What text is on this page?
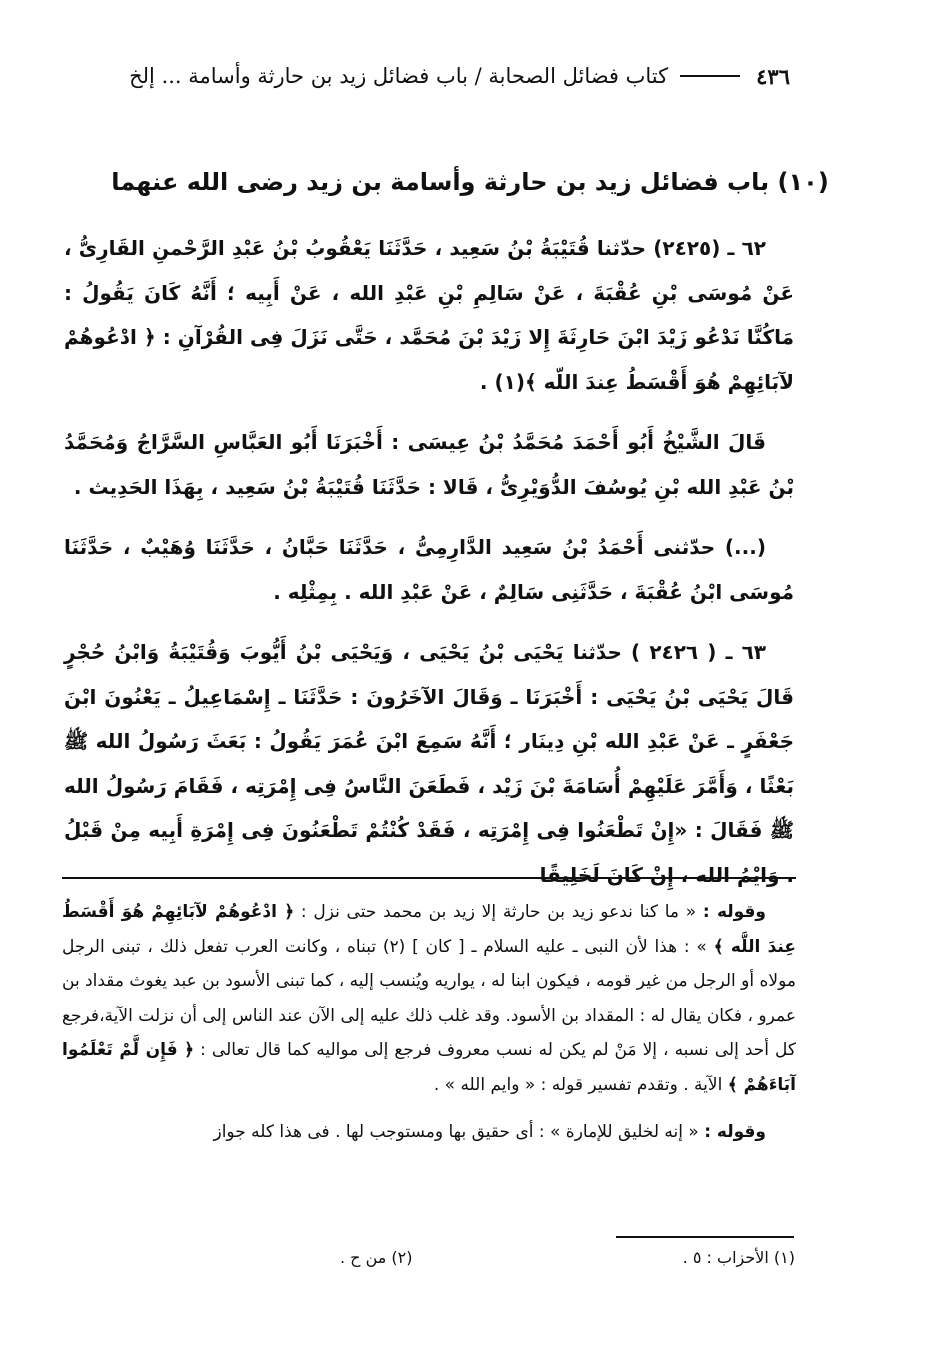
٤٣٦
كتاب فضائل الصحابة / باب فضائل زيد بن حارثة وأسامة ... إلخ
(١٠) باب فضائل زيد بن حارثة وأسامة بن زيد رضى الله عنهما

٦٢ ـ (٢٤٢٥) حدّثنا قُتَيْبَةُ بْنُ سَعِيد ، حَدَّثَنَا يَعْقُوبُ بْنُ عَبْدِ الرَّحْمنِ القَارِىُّ ، عَنْ مُوسَى بْنِ عُقْبَةَ ، عَنْ سَالِمِ بْنِ عَبْدِ الله ، عَنْ أَبِيه ؛ أَنَّهُ كَانَ يَقُولُ : مَاكُنَّا نَدْعُو زَيْدَ ابْنَ حَارِثَةَ إِلا زَيْدَ بْنَ مُحَمَّد ، حَتَّى نَزَلَ فِى القُرْآنِ : ﴿ ادْعُوهُمْ لآبَائِهِمْ هُوَ أَقْسَطُ عِندَ اللّه ﴾(١) .

قَالَ الشَّيْخُ أَبُو أَحْمَدَ مُحَمَّدُ بْنُ عِيسَى : أَخْبَرَنَا أَبُو العَبَّاسِ السَّرَّاجُ وَمُحَمَّدُ بْنُ عَبْدِ الله بْنِ يُوسُفَ الدُّوَيْرِىُّ ، قَالا : حَدَّثَنَا قُتَيْبَةُ بْنُ سَعِيد ، بِهَذَا الحَدِيث .

(...) حدّثنى أَحْمَدُ بْنُ سَعِيد الدَّارِمِىُّ ، حَدَّثَنَا حَبَّانُ ، حَدَّثَنَا وُهَيْبٌ ، حَدَّثَنَا مُوسَى ابْنُ عُقْبَةَ ، حَدَّثَنِى سَالِمٌ ، عَنْ عَبْدِ الله . بِمِثْلِه .

٦٣ ـ ( ٢٤٢٦ ) حدّثنا يَحْيَى بْنُ يَحْيَى ، وَيَحْيَى بْنُ أَيُّوبَ وَقُتَيْبَةُ وَابْنُ حُجْرٍ قَالَ يَحْيَى بْنُ يَحْيَى : أَخْبَرَنَا ـ وَقَالَ الآخَرُونَ : حَدَّثَنَا ـ إِسْمَاعِيلُ ـ يَعْنُونَ ابْنَ جَعْفَرٍ ـ عَنْ عَبْدِ الله بْنِ دِينَار ؛ أَنَّهُ سَمِعَ ابْنَ عُمَرَ يَقُولُ : بَعَثَ رَسُولُ الله ﷺ بَعْثًا ، وَأَمَّرَ عَلَيْهِمْ أُسَامَةَ بْنَ زَيْد ، فَطَعَنَ النَّاسُ فِى إِمْرَتِه ، فَقَامَ رَسُولُ الله ﷺ فَقَالَ : «إِنْ تَطْعَنُوا فِى إِمْرَتِه ، فَقَدْ كُنْتُمْ تَطْعَنُونَ فِى إِمْرَةِ أَبِيه مِنْ قَبْلُ . وَايْمُ الله ، إِنْ كَانَ لَخَلِيقًا

وقوله : « ما كنا ندعو زيد بن حارثة إلا زيد بن محمد حتى نزل : ﴿ ادْعُوهُمْ لآبَائِهِمْ هُوَ أَقْسَطُ عِندَ اللَّه ﴾ » : هذا لأن النبى ـ عليه السلام ـ [ كان ] (٢) تبناه ، وكانت العرب تفعل ذلك ، تبنى الرجل مولاه أو الرجل من غير قومه ، فيكون ابنا له ، يواريه ويُنسب إليه ، كما تبنى الأسود بن عبد يغوث مقداد بن عمرو ، فكان يقال له : المقداد بن الأسود. وقد غلب ذلك عليه إلى الآن عند الناس إلى أن نزلت الآية،فرجع كل أحد إلى نسبه ، إلا مَنْ لم يكن له نسب معروف فرجع إلى مواليه كما قال تعالى : ﴿ فَإِن لَّمْ تَعْلَمُوا آبَاءَهُمْ ﴾ الآية . وتقدم تفسير قوله : « وايم الله » .

وقوله : « إنه لخليق للإمارة » : أى حقيق بها ومستوجب لها . فى هذا كله جواز

(١) الأحزاب : ٥ .
(٢) من ح .
